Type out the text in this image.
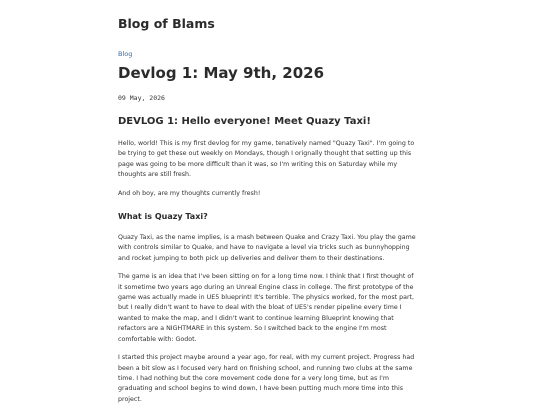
Blog of Blams
Blog
Devlog 1: May 9th, 2026
09 May, 2026
DEVLOG 1: Hello everyone! Meet Quazy Taxi!

Hello, world! This is my first devlog for my game, tenatively named "Quazy Taxi". I'm going to be trying to get these out weekly on Mondays, though I orignally thought that setting up this page was going to be more difficult than it was, so I'm writing this on Saturday while my thoughts are still fresh.

And oh boy, are my thoughts currently fresh!

What is Quazy Taxi?

Quazy Taxi, as the name implies, is a mash between Quake and Crazy Taxi. You play the game with controls similar to Quake, and have to navigate a level via tricks such as bunnyhopping and rocket jumping to both pick up deliveries and deliver them to their destinations.

The game is an idea that I've been sitting on for a long time now. I think that I first thought of it sometime two years ago during an Unreal Engine class in college. The first prototype of the game was actually made in UE5 blueprint! It's terrible. The physics worked, for the most part, but I really didn't want to have to deal with the bloat of UE5's render pipeline every time I wanted to make the map, and I didn't want to continue learning Blueprint knowing that refactors are a NIGHTMARE in this system. So I switched back to the engine I'm most comfortable with: Godot.

I started this project maybe around a year ago, for real, with my current project. Progress had been a bit slow as I focused very hard on finishing school, and running two clubs at the same time. I had nothing but the core movement code done for a very long time, but as I'm graduating and school begins to wind down, I have been putting much more time into this project.
